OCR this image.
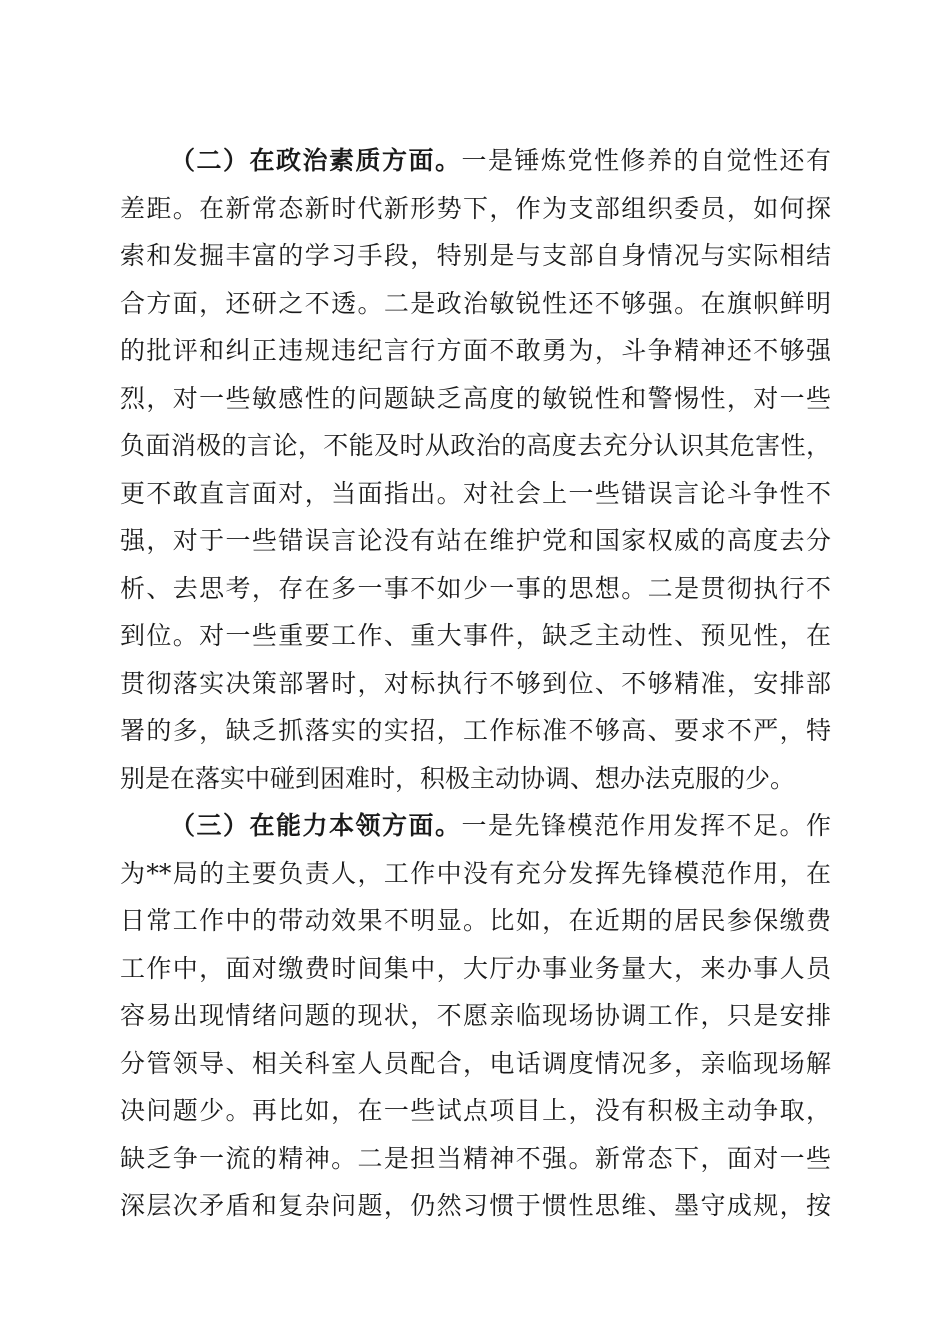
（二）在政治素质方面。一是锤炼党性修养的自觉性还有
差距。在新常态新时代新形势下，作为支部组织委员，如何探
索和发掘丰富的学习手段，特别是与支部自身情况与实际相结
合方面，还研之不透。二是政治敏锐性还不够强。在旗帜鲜明
的批评和纠正违规违纪言行方面不敢勇为，斗争精神还不够强
烈，对一些敏感性的问题缺乏高度的敏锐性和警惕性，对一些
负面消极的言论，不能及时从政治的高度去充分认识其危害性，
更不敢直言面对，当面指出。对社会上一些错误言论斗争性不
强，对于一些错误言论没有站在维护党和国家权威的高度去分
析、去思考，存在多一事不如少一事的思想。二是贯彻执行不
到位。对一些重要工作、重大事件，缺乏主动性、预见性，在
贯彻落实决策部署时，对标执行不够到位、不够精准，安排部
署的多，缺乏抓落实的实招，工作标准不够高、要求不严，特
别是在落实中碰到困难时，积极主动协调、想办法克服的少。
（三）在能力本领方面。一是先锋模范作用发挥不足。作
为**局的主要负责人，工作中没有充分发挥先锋模范作用，在
日常工作中的带动效果不明显。比如，在近期的居民参保缴费
工作中，面对缴费时间集中，大厅办事业务量大，来办事人员
容易出现情绪问题的现状，不愿亲临现场协调工作，只是安排
分管领导、相关科室人员配合，电话调度情况多，亲临现场解
决问题少。再比如，在一些试点项目上，没有积极主动争取，
缺乏争一流的精神。二是担当精神不强。新常态下，面对一些
深层次矛盾和复杂问题，仍然习惯于惯性思维、墨守成规，按
